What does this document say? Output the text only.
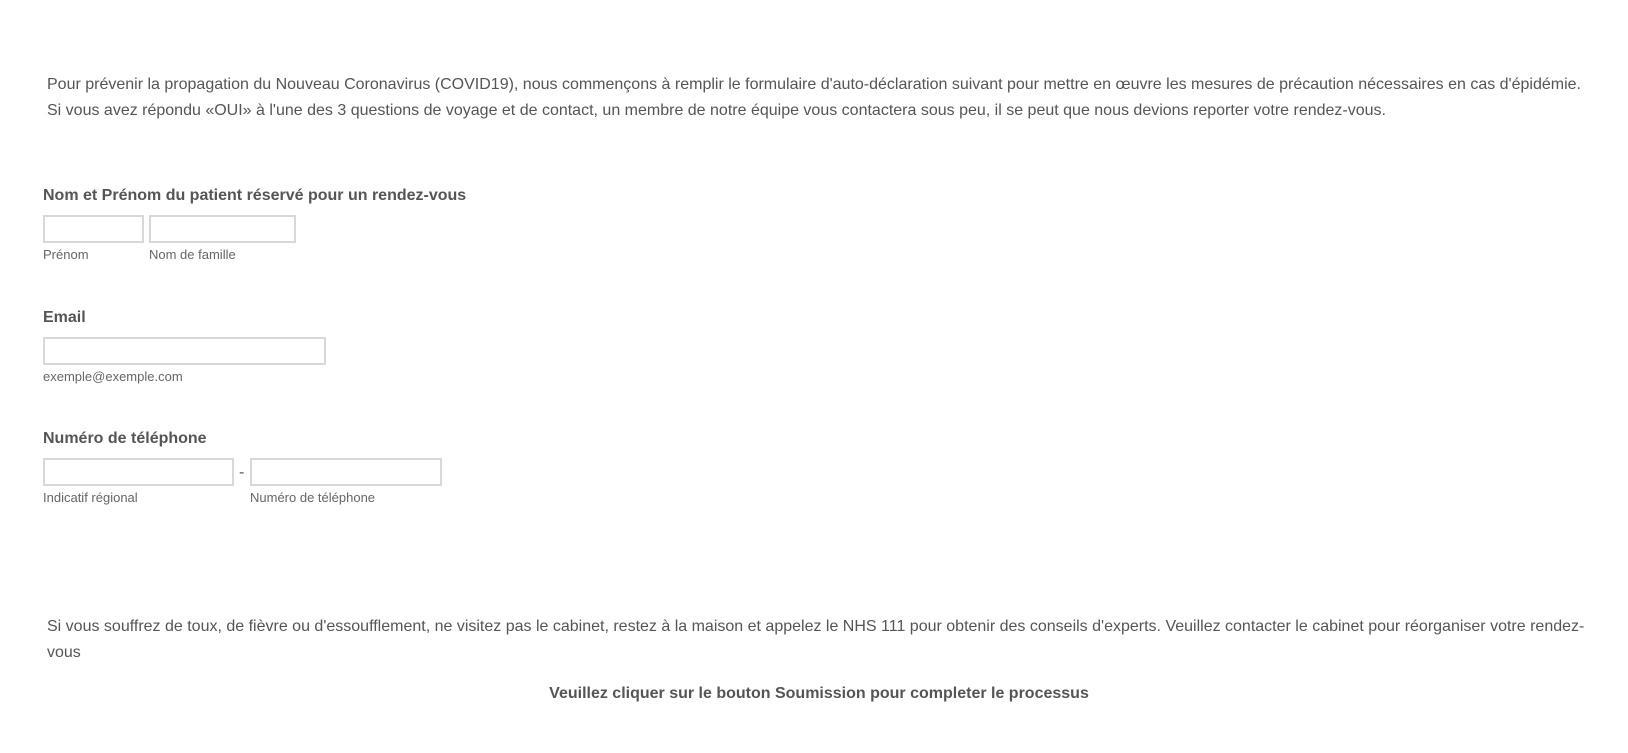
Pour prévenir la propagation du Nouveau Coronavirus (COVID19), nous commençons à remplir le formulaire d'auto-déclaration suivant pour mettre en œuvre les mesures de précaution nécessaires en cas d'épidémie. Si vous avez répondu «OUI» à l'une des 3 questions de voyage et de contact, un membre de notre équipe vous contactera sous peu, il se peut que nous devions reporter votre rendez-vous.

Nom et Prénom du patient réservé pour un rendez-vous
Prénom	Nom de famille
Email
exemple@exemple.com
Numéro de téléphone
-
Indicatif régional	Numéro de téléphone

Si vous souffrez de toux, de fièvre ou d'essoufflement, ne visitez pas le cabinet, restez à la maison et appelez le NHS 111 pour obtenir des conseils d'experts. Veuillez contacter le cabinet pour réorganiser votre rendez-vous

Veuillez cliquer sur le bouton Soumission pour completer le processus
